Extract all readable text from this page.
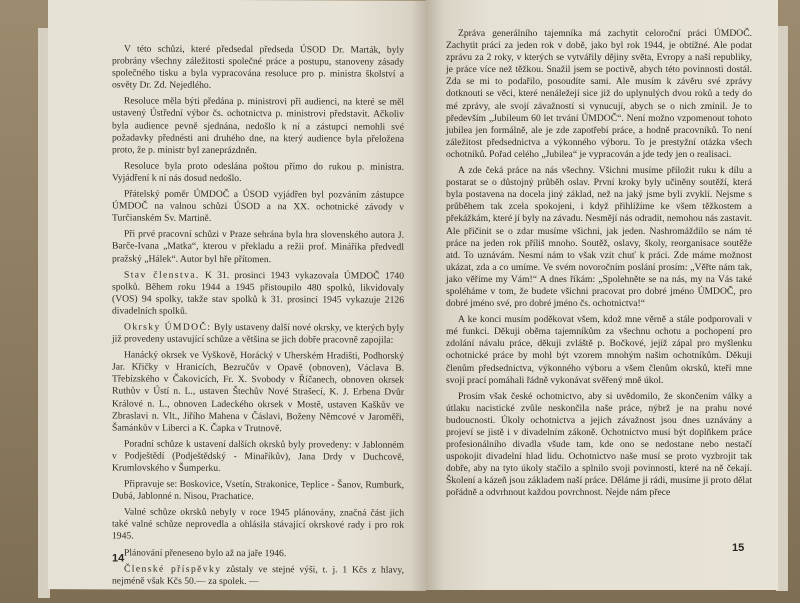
V této schůzi, které předsedal předseda ÚSOD Dr. Marták, byly probrány všechny záležitosti společné práce a postupu, stanoveny zásady společného tisku a byla vypracována resoluce pro p. ministra školství a osvěty Dr. Zd. Nejedlého.

Resoluce měla býti předána p. ministrovi při audienci, na které se měl ustavený Ústřední výbor čs. ochotnictva p. ministrovi představit. Ačkoliv byla audience pevně sjednána, nedošlo k ní a zástupci nemohli své požadavky přednésti ani druhého dne, na který audience byla přeložena proto, že p. ministr byl zaneprázdněn.

Resoluce byla proto odeslána poštou přímo do rukou p. ministra. Vyjádření k ní nás dosud nedošlo.

Přátelský poměr ÚMDOČ a ÚSOD vyjádřen byl pozváním zástupce ÚMDOČ na valnou schůzi ÚSOD a na XX. ochotnické závody v Turčianském Sv. Martině.

Při prvé pracovní schůzi v Praze sehrána byla hra slovenského autora J. Barče-Ivana „Matka“, kterou v překladu a režii prof. Mináříka předvedl pražský „Hálek“. Autor byl hře přítomen.

Stav členstva. K 31. prosinci 1943 vykazovala ÚMDOČ 1740 spolků. Během roku 1944 a 1945 přistoupilo 480 spolků, likvidovaly (VOS) 94 spolky, takže stav spolků k 31. prosinci 1945 vykazuje 2126 divadelních spolků.

Okrsky ÚMDOČ: Byly ustaveny další nové okrsky, ve kterých byly již provedeny ustavující schůze a většina se jich dobře pracovně zapojila:

Hanácký okrsek ve Vyškově, Horácký v Uherském Hradišti, Podhorský Jar. Křičky v Hranicích, Bezručův v Opavě (obnoven), Václava B. Třebízského v Čakovicích, Fr. X. Svobody v Říčanech, obnoven okrsek Ruthův v Ústí n. L., ustaven Štechův Nové Strašecí, K. J. Erbena Dvůr Králové n. L., obnoven Ladeckého okrsek v Mostě, ustaven Kaškův ve Zbraslavi n. Vlt., Jiřího Mahena v Čáslavi, Boženy Němcové v Jaroměři, Šamánkův v Liberci a K. Čapka v Trutnově.

Poradní schůze k ustavení dalších okrsků byly provedeny: v Jablonném v Podještědí (Podještědský - Minaříkův), Jana Drdy v Duchcově, Krumlovského v Šumperku.

Připravuje se: Boskovice, Vsetín, Strakonice, Teplice - Šanov, Rumburk, Dubá, Jablonné n. Nisou, Prachatice.

Valné schůze okrsků nebyly v roce 1945 plánovány, značná část jich také valné schůze neprovedla a ohlásila stávající okrskové rady i pro rok 1945.

Plánování přeneseno bylo až na jaře 1946.

Členské příspěvky zůstaly ve stejné výši, t. j. 1 Kčs z hlavy, nejméně však Kčs 50.— za spolek. —

14

Zpráva generálního tajemníka má zachytit celoroční práci ÚMDOČ. Zachytit práci za jeden rok v době, jako byl rok 1944, je obtížné. Ale podat zprávu za 2 roky, v kterých se vytvářily dějiny světa, Evropy a naší republiky, je práce více než těžkou. Snažil jsem se poctivě, abych této povinnosti dostál. Zda se mi to podařilo, posoudíte sami. Ale musím k závěru své zprávy dotknouti se věci, které nenáležejí sice již do uplynulých dvou roků a tedy do mé zprávy, ale svojí závažností si vynucují, abych se o nich zmínil. Je to především „Jubileum 60 let trvání ÚMDOČ“. Není možno vzpomenout tohoto jubilea jen formálně, ale je zde zapotřebí práce, a hodně pracovníků. To není záležitost předsednictva a výkonného výboru. To je prestyžní otázka všech ochotníků. Pořad celého „Jubilea“ je vypracován a jde tedy jen o realisaci.

A zde čeká práce na nás všechny. Všichni musíme přiložit ruku k dílu a postarat se o důstojný průběh oslav. První kroky byly učiněny soutěží, která byla postavena na docela jiný základ, než na jaký jsme byli zvyklí. Nejsme s průběhem tak zcela spokojeni, i když přihlížíme ke všem těžkostem a překážkám, které jí byly na závadu. Nesmějí nás odradit, nemohou nás zastavit. Ale přičinit se o zdar musíme všichni, jak jeden. Nashromáždilo se nám té práce na jeden rok příliš mnoho. Soutěž, oslavy, školy, reorganisace soutěže atd. To uznávám. Nesmí nám to však vzít chuť k práci. Zde máme možnost ukázat, zda a co umíme. Ve svém novoročním poslání prosím: „Věřte nám tak, jako věříme my Vám!“ A dnes říkám: „Spolehněte se na nás, my na Vás také spoléháme v tom, že budete všichni pracovat pro dobré jméno ÚMDOČ, pro dobré jméno své, pro dobré jméno čs. ochotnictva!“

A ke konci musím poděkovat všem, kdož mne věrně a stále podporovali v mé funkci. Děkuji oběma tajemníkům za všechnu ochotu a pochopení pro zdolání návalu práce, děkuji zvláště p. Bočkové, jejíž zápal pro myšlenku ochotnické práce by mohl být vzorem mnohým našim ochotníkům. Děkuji členům předsednictva, výkonného výboru a všem členům okrsků, kteří mne svojí prací pomáhali řádně vykonávat svěřený mně úkol.

Prosím však české ochotnictvo, aby si uvědomilo, že skončením války a útlaku nacistické zvůle neskončila naše práce, nýbrž je na prahu nové budoucnosti. Úkoly ochotnictva a jejich závažnost jsou dnes uznávány a projeví se jistě i v divadelním zákoně. Ochotnictvo musí být doplňkem práce profesionálního divadla všude tam, kde ono se nedostane nebo nestačí uspokojit divadelní hlad lidu. Ochotnictvo naše musí se proto vyzbrojit tak dobře, aby na tyto úkoly stačilo a splnilo svoji povinnosti, které na ně čekají. Školení a kázeň jsou základem naší práce. Děláme ji rádi, musíme ji proto dělat pořádně a odvrhnout každou povrchnost. Nejde nám přece

15
